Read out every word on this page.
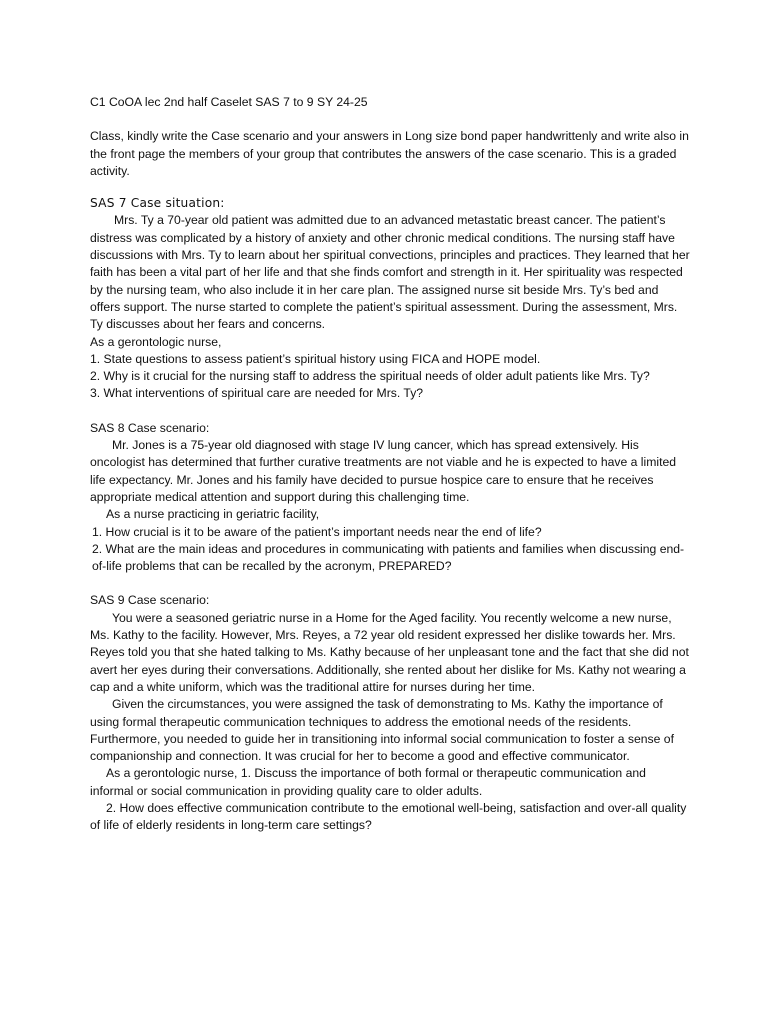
C1 CoOA lec 2nd half Caselet SAS 7 to 9 SY 24-25

Class, kindly write the Case scenario and your answers in Long size bond paper handwrittenly and write also in the front page the members of your group that contributes the answers of the case scenario. This is a graded activity.

SAS 7 Case situation:

Mrs. Ty a 70-year old patient was admitted due to an advanced metastatic breast cancer. The patient’s distress was complicated by a history of anxiety and other chronic medical conditions. The nursing staff have discussions with Mrs. Ty to learn about her spiritual convections, principles and practices. They learned that her faith has been a vital part of her life and that she finds comfort and strength in it. Her spirituality was respected by the nursing team, who also include it in her care plan. The assigned nurse sit beside Mrs. Ty’s bed and offers support. The nurse started to complete the patient’s spiritual assessment. During the assessment, Mrs. Ty discusses about her fears and concerns.

As a gerontologic nurse,

1. State questions to assess patient’s spiritual history using FICA and HOPE model.

2. Why is it crucial for the nursing staff to address the spiritual needs of older adult patients like Mrs. Ty?

3. What interventions of spiritual care are needed for Mrs. Ty?

SAS 8 Case scenario:

Mr. Jones is a 75-year old diagnosed with stage IV lung cancer, which has spread extensively. His oncologist has determined that further curative treatments are not viable and he is expected to have a limited life expectancy. Mr. Jones and his family have decided to pursue hospice care to ensure that he receives appropriate medical attention and support during this challenging time.

As a nurse practicing in geriatric facility,

1. How crucial is it to be aware of the patient’s important needs near the end of life?

2. What are the main ideas and procedures in communicating with patients and families when discussing end-of-life problems that can be recalled by the acronym, PREPARED?

SAS 9 Case scenario:

You were a seasoned geriatric nurse in a Home for the Aged facility. You recently welcome a new nurse, Ms. Kathy to the facility. However, Mrs. Reyes, a 72 year old resident expressed her dislike towards her. Mrs. Reyes told you that she hated talking to Ms. Kathy because of her unpleasant tone and the fact that she did not avert her eyes during their conversations. Additionally, she rented about her dislike for Ms. Kathy not wearing a cap and a white uniform, which was the traditional attire for nurses during her time.

Given the circumstances, you were assigned the task of demonstrating to Ms. Kathy the importance of using formal therapeutic communication techniques to address the emotional needs of the residents. Furthermore, you needed to guide her in transitioning into informal social communication to foster a sense of companionship and connection. It was crucial for her to become a good and effective communicator.

As a gerontologic nurse, 1. Discuss the importance of both formal or therapeutic communication and informal or social communication in providing quality care to older adults.

2. How does effective communication contribute to the emotional well-being, satisfaction and over-all quality of life of elderly residents in long-term care settings?
